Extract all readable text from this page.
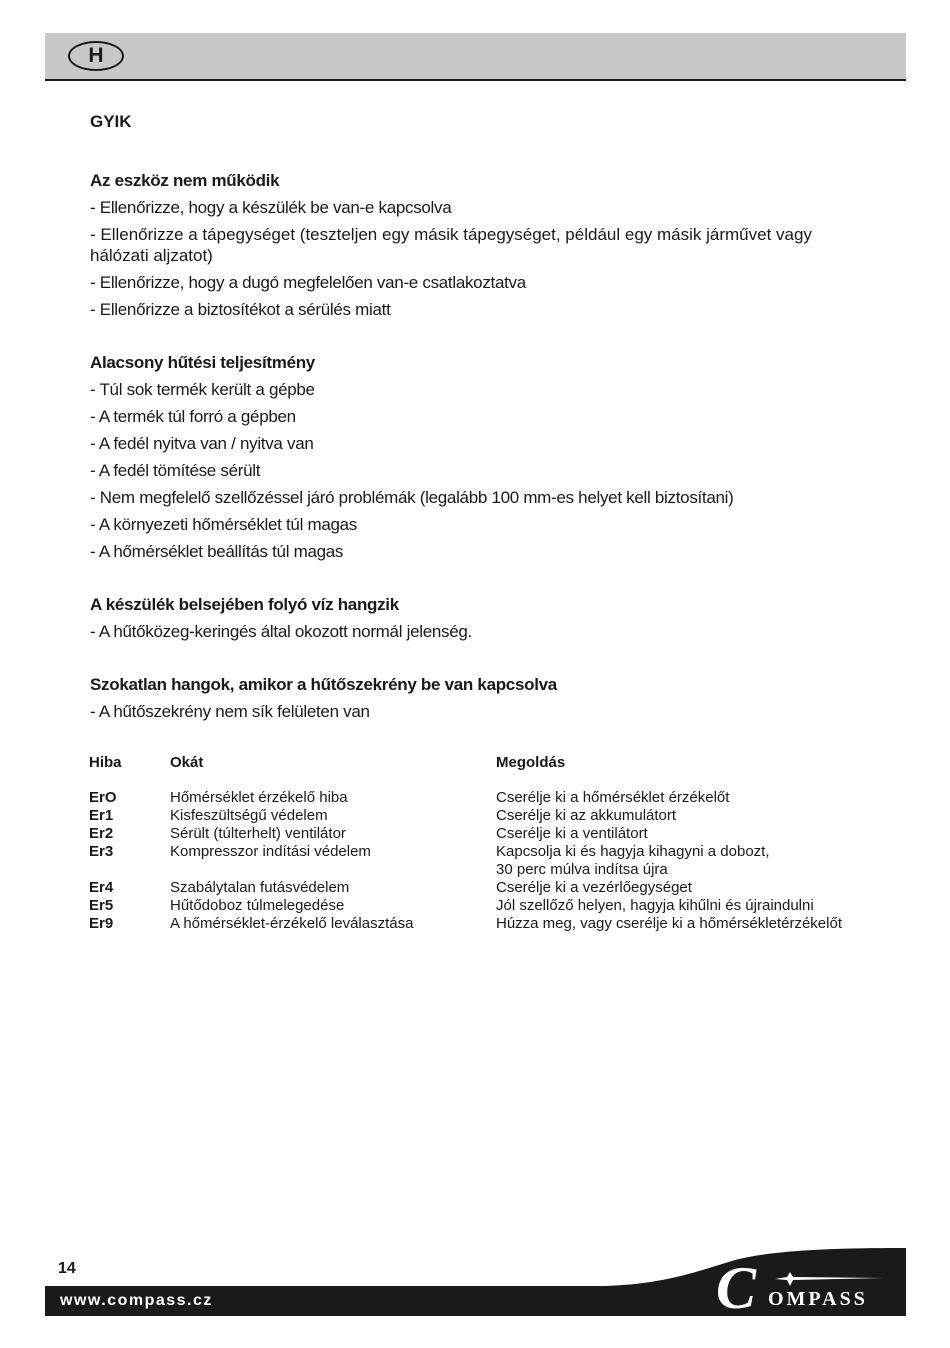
H
GYIK
Az eszköz nem működik
- Ellenőrizze, hogy a készülék be van-e kapcsolva
- Ellenőrizze a tápegységet (teszteljen egy másik tápegységet, például egy másik járművet vagy hálózati aljzatot)
- Ellenőrizze, hogy a dugó megfelelően van-e csatlakoztatva
- Ellenőrizze a biztosítékot a sérülés miatt
Alacsony hűtési teljesítmény
- Túl sok termék került a gépbe
- A termék túl forró a gépben
- A fedél nyitva van / nyitva van
- A fedél tömítése sérült
- Nem megfelelő szellőzéssel járó problémák (legalább 100 mm-es helyet kell biztosítani)
- A környezeti hőmérséklet túl magas
- A hőmérséklet beállítás túl magas
A készülék belsejében folyó víz hangzik
- A hűtőközeg-keringés által okozott normál jelenség.
Szokatlan hangok, amikor a hűtőszekrény be van kapcsolva
- A hűtőszekrény nem sík felületen van
Hiba	Okát	Megoldás
ErO	Hőmérséklet érzékelő hiba	Cserélje ki a hőmérséklet érzékelőt
Er1	Kisfeszültségű védelem	Cserélje ki az akkumulátort
Er2	Sérült (túlterhelt) ventilátor	Cserélje ki a ventilátort
Er3	Kompresszor indítási védelem	Kapcsolja ki és hagyja kihagyni a dobozt,
30 perc múlva indítsa újra
Er4	Szabálytalan futásvédelem	Cserélje ki a vezérlőegységet
Er5	Hűtődoboz túlmelegedése	Jól szellőző helyen, hagyja kihűlni és újraindulni
Er9	A hőmérséklet-érzékelő leválasztása	Húzza meg, vagy cserélje ki a hőmérsékletérzékelőt
14
www.compass.cz	C OMPASS
